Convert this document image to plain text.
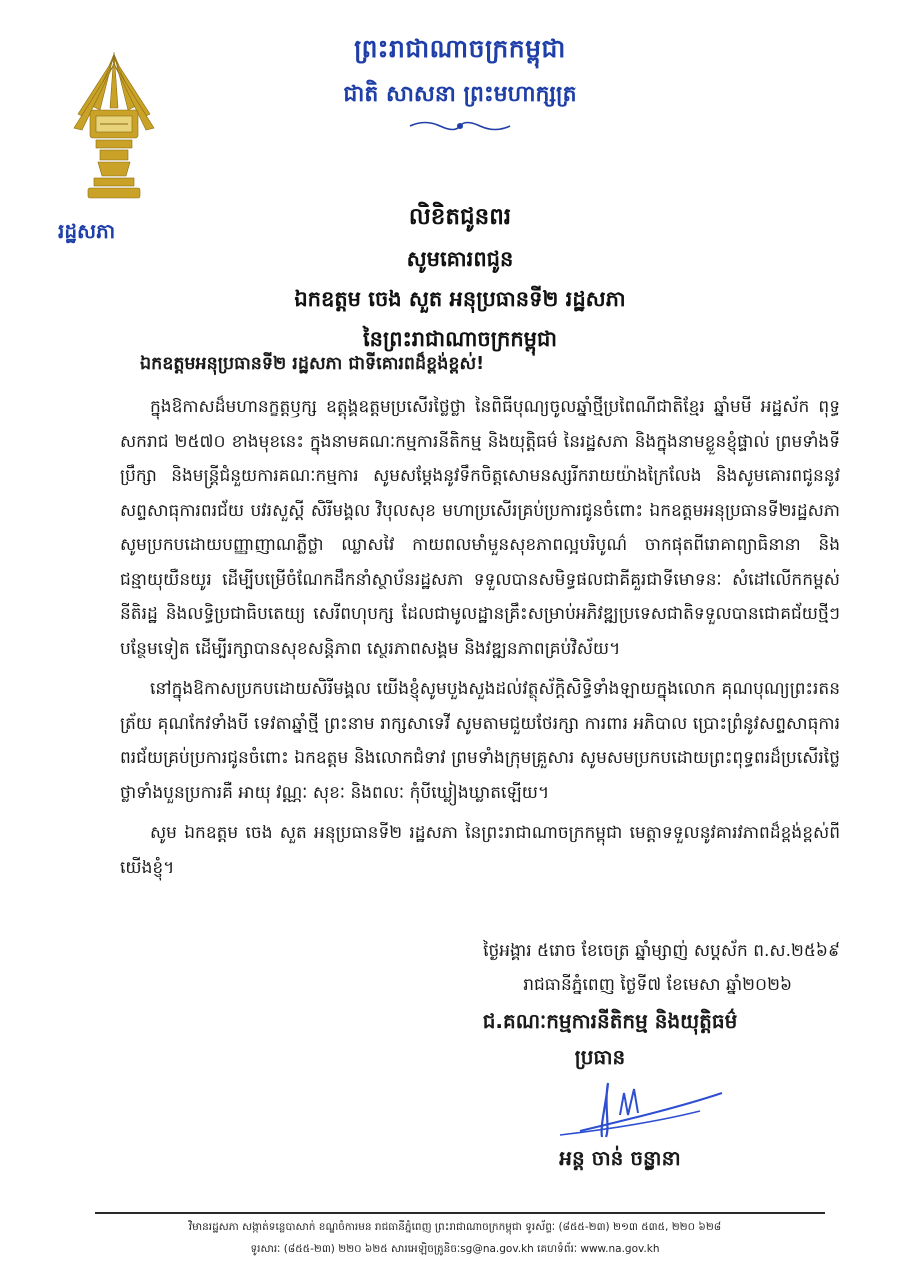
រដ្ឋសភា
ព្រះរាជាណាចក្រកម្ពុជា
ជាតិ សាសនា ព្រះមហាក្សត្រ
លិខិតជូនពរ
សូមគោរពជូន
ឯកឧត្តម ចេង សួត អនុប្រធានទី២ រដ្ឋសភា
នៃព្រះរាជាណាចក្រកម្ពុជា
ឯកឧត្តមអនុប្រធានទី២ រដ្ឋសភា ជាទីគោរពដ៏ខ្ពង់ខ្ពស់!

ក្នុងឱកាសដ៏មហានក្ខត្តឫក្ស ឧត្តុង្គឧត្តមប្រសើរថ្លៃថ្លា នៃពិធីបុណ្យចូលឆ្នាំថ្មីប្រពៃណីជាតិខ្មែរ ឆ្នាំមមី អដ្ឋស័ក ពុទ្ធសករាជ ២៥៧០ ខាងមុខនេះ ក្នុងនាមគណៈកម្មការនីតិកម្ម និងយុត្តិធម៌ នៃរដ្ឋសភា និងក្នុងនាមខ្លួនខ្ញុំផ្ទាល់ ព្រមទាំងទីប្រឹក្សា និងមន្ត្រីជំនួយការគណៈកម្មការ សូមសម្តែងនូវទឹកចិត្តសោមនស្សរីករាយយ៉ាងក្រៃលែង និងសូមគោរពជូននូវសព្ទសាធុការពរជ័យ បវរសួស្តី សិរីមង្គល វិបុលសុខ មហាប្រសើរគ្រប់ប្រការជូនចំពោះ ឯកឧត្តមអនុប្រធានទី២រដ្ឋសភា សូមប្រកបដោយបញ្ញាញាណភ្លឺថ្លា ឈ្លាសវៃ កាយពលមាំមួនសុខភាពល្អបរិបូណ៌ ចាកផុតពីរោគាព្យាធិនានា និងជន្មាយុយឺនយូរ ដើម្បីបម្រើចំណែកដឹកនាំស្ថាប័នរដ្ឋសភា ទទួលបានសមិទ្ធផលជាគីគួរជាទីមោទនៈ សំដៅលើកកម្ពស់នីតិរដ្ឋ និងលទ្ធិប្រជាធិបតេយ្យ សេរីពហុបក្ស ដែលជាមូលដ្ឋានគ្រឹះសម្រាប់អភិវឌ្ឍប្រទេសជាតិទទួលបានជោគជ័យថ្មីៗបន្ថែមទៀត ដើម្បីរក្សាបានសុខសន្តិភាព ស្ថេរភាពសង្គម និងវឌ្ឍនភាពគ្រប់វិស័យ។

នៅក្នុងឱកាសប្រកបដោយសិរីមង្គល យើងខ្ញុំសូមបួងសួងដល់វត្ថុស័ក្តិសិទ្ធិទាំងឡាយក្នុងលោក គុណបុណ្យព្រះរតនត្រ័យ គុណកែវទាំងបី ទេវតាឆ្នាំថ្មី ព្រះនាម រាក្សសាទេវី សូមតាមជួយថែរក្សា ការពារ អភិបាល ប្រោះព្រំនូវសព្ទសាធុការពរជ័យគ្រប់ប្រការជូនចំពោះ ឯកឧត្តម និងលោកជំទាវ ព្រមទាំងក្រុមគ្រួសារ សូមសមប្រកបដោយព្រះពុទ្ធពរដ៏ប្រសើរថ្លៃថ្លាទាំងបួនប្រការគឺ អាយុ វណ្ណៈ សុខៈ និងពលៈ កុំបីឃ្លៀងឃ្លាតឡើយ។

សូម ឯកឧត្តម ចេង សួត អនុប្រធានទី២ រដ្ឋសភា នៃព្រះរាជាណាចក្រកម្ពុជា មេត្តាទទួលនូវគារវភាពដ៏ខ្ពង់ខ្ពស់ពីយើងខ្ញុំ។

ថ្ងៃអង្គារ ៥រោច ខែចេត្រ ឆ្នាំម្សាញ់ សប្តស័ក ព.ស.២៥៦៩
រាជធានីភ្នំពេញ ថ្ងៃទី៧ ខែមេសា ឆ្នាំ២០២៦
ជ.គណៈកម្មការនីតិកម្ម និងយុត្តិធម៌
ប្រធាន
អន្ត ចាន់ ចន្ធ្លានា
វិមានរដ្ឋសភា សង្កាត់ទន្លេបាសាក់ ខណ្ឌចំការមន រាជធានីភ្នំពេញ ព្រះរាជាណាចក្រកម្ពុជា ទូរស័ព្ទៈ (៨៥៥-២៣) ២១៣ ៥៣៥, ២២០ ៦២៨
ទូរសារៈ (៨៥៥-២៣) ២២០ ៦២៥ សារអេឡិចត្រូនិចៈsg@na.gov.kh គេហទំព័រៈ www.na.gov.kh
